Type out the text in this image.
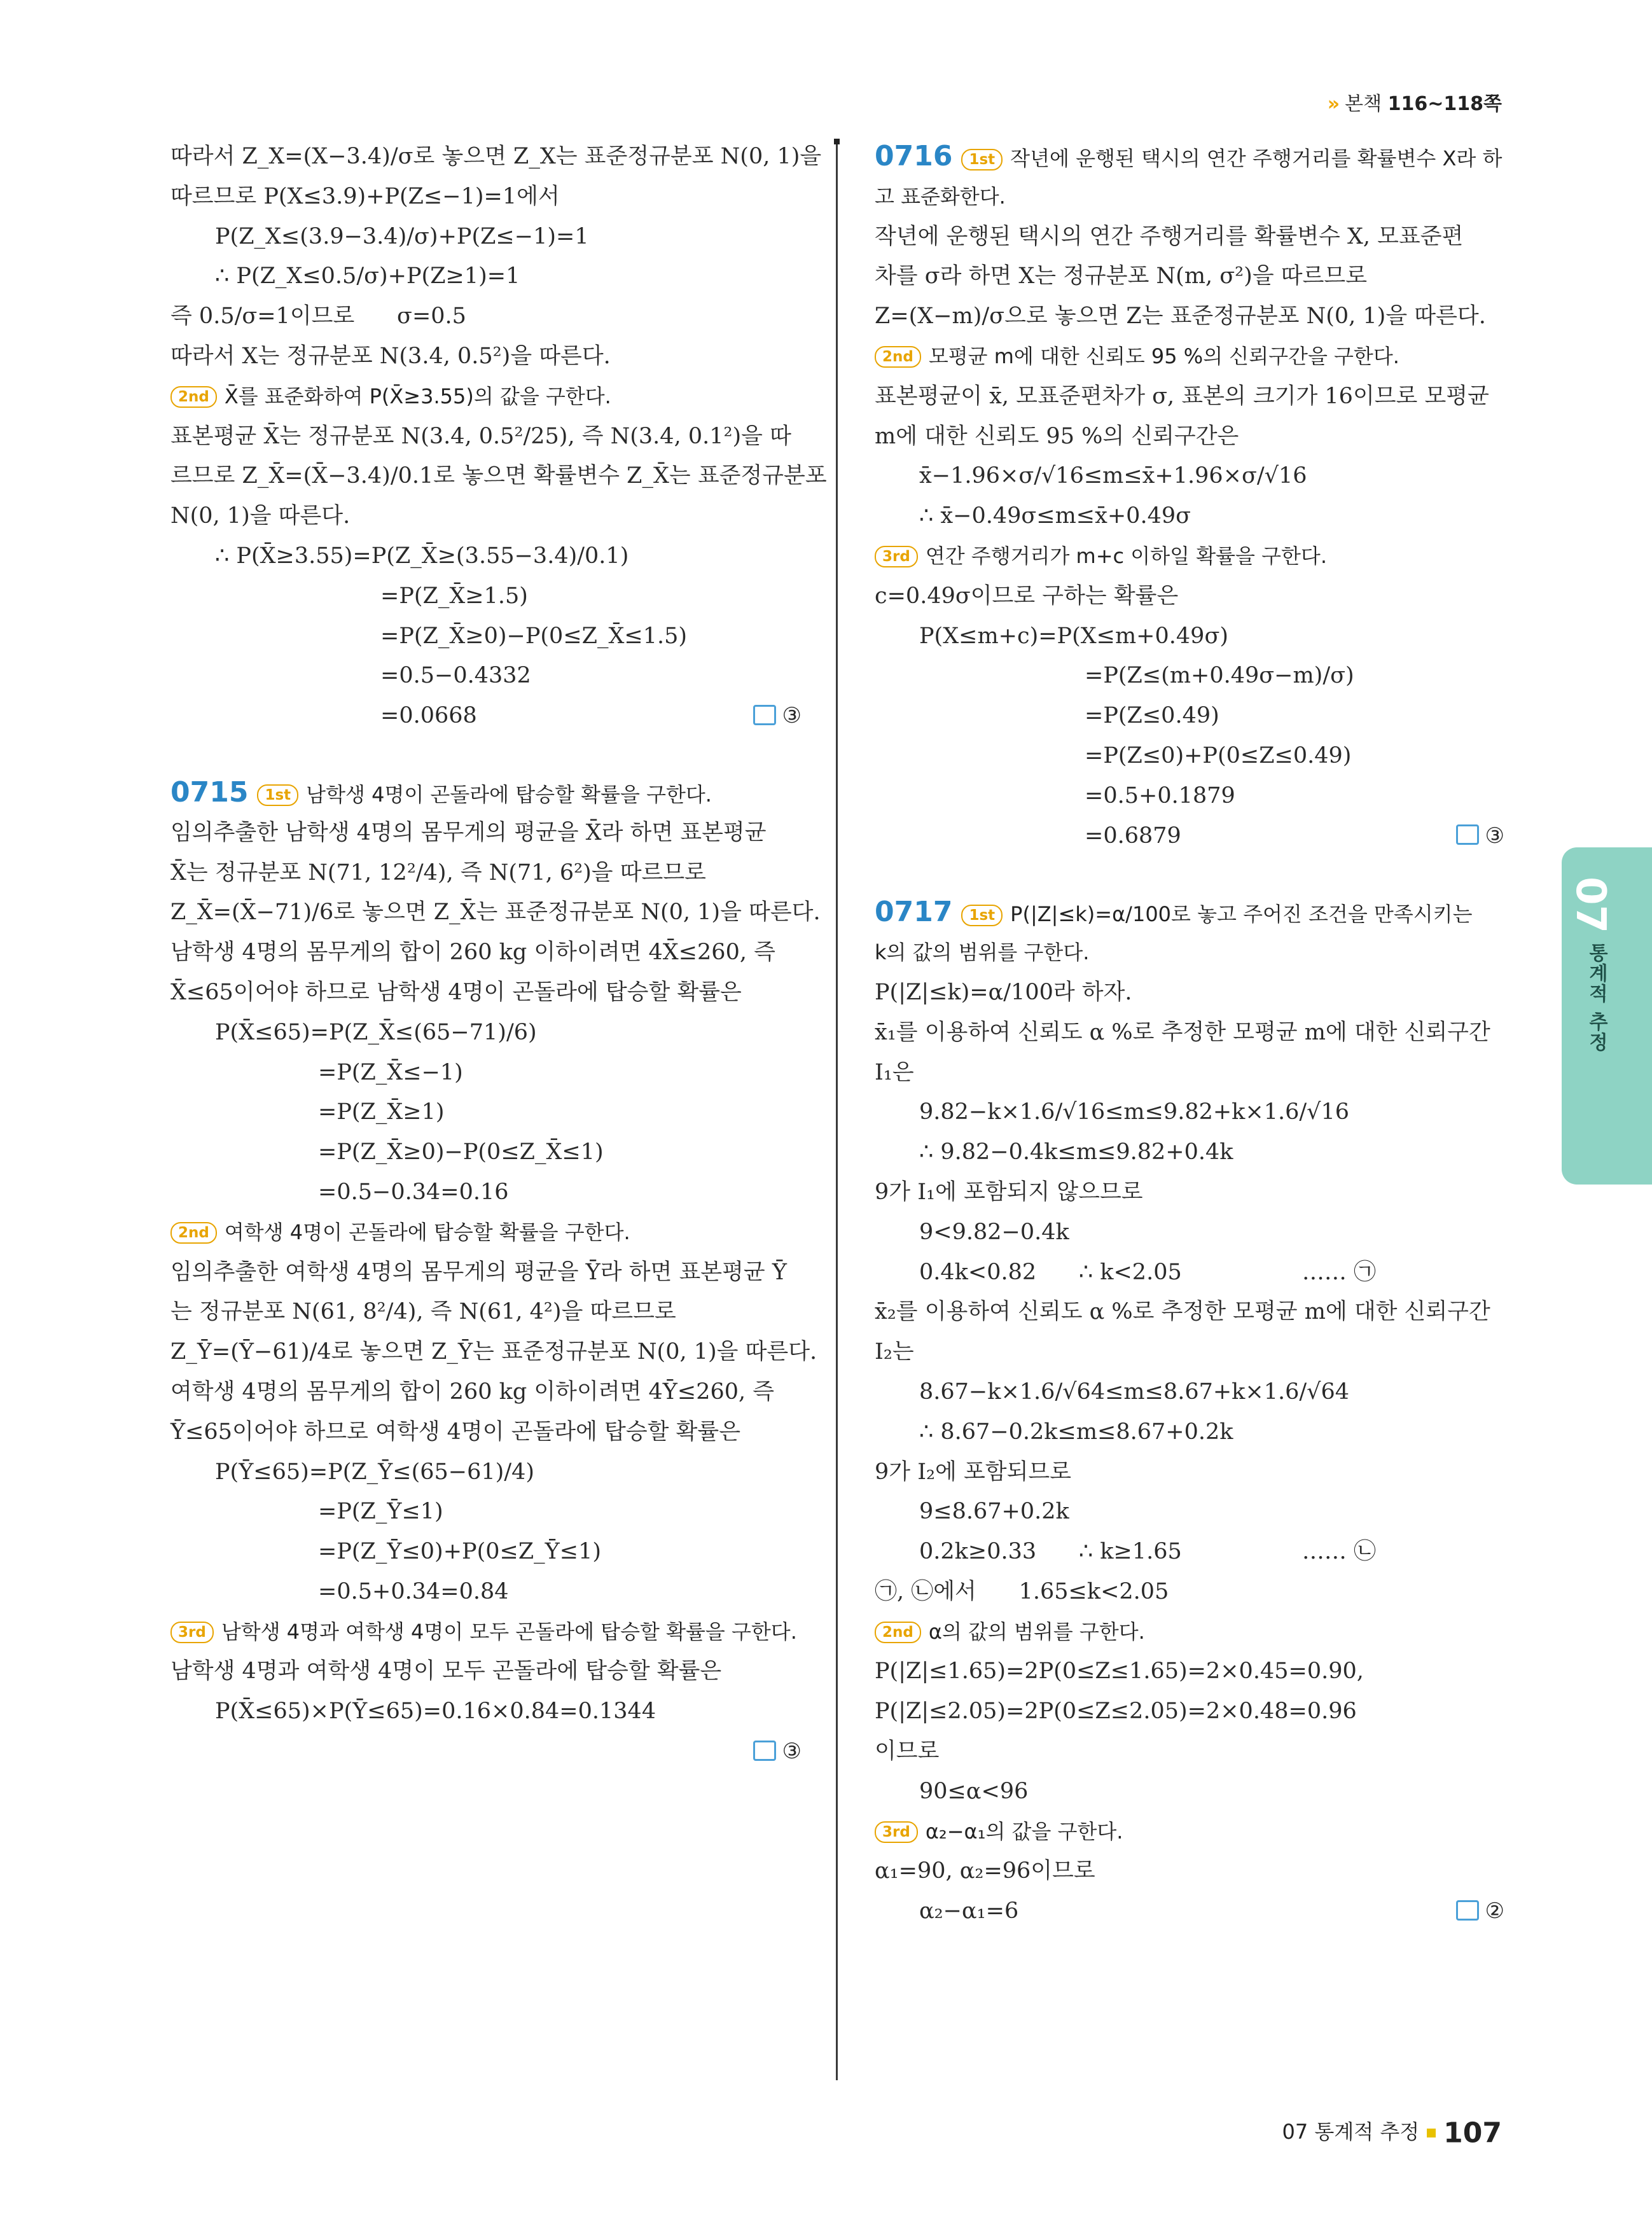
» 본책 116~118쪽
따라서 Z_X=(X−3.4)/σ로 놓으면 Z_X는 표준정규분포 N(0, 1)을
따르므로 P(X≤3.9)+P(Z≤−1)=1에서
P(Z_X≤(3.9−3.4)/σ)+P(Z≤−1)=1
∴ P(Z_X≤0.5/σ)+P(Z≥1)=1
즉 0.5/σ=1이므로      σ=0.5
따라서 X는 정규분포 N(3.4, 0.5²)을 따른다.
2nd X̄를 표준화하여 P(X̄≥3.55)의 값을 구한다.
표본평균 X̄는 정규분포 N(3.4, 0.5²/25), 즉 N(3.4, 0.1²)을 따
르므로 Z_X̄=(X̄−3.4)/0.1로 놓으면 확률변수 Z_X̄는 표준정규분포
N(0, 1)을 따른다.
∴ P(X̄≥3.55)=P(Z_X̄≥(3.55−3.4)/0.1)
=P(Z_X̄≥1.5)
=P(Z_X̄≥0)−P(0≤Z_X̄≤1.5)
=0.5−0.4332
③
=0.0668
0715 1st 남학생 4명이 곤돌라에 탑승할 확률을 구한다.
임의추출한 남학생 4명의 몸무게의 평균을 X̄라 하면 표본평균
X̄는 정규분포 N(71, 12²/4), 즉 N(71, 6²)을 따르므로
Z_X̄=(X̄−71)/6로 놓으면 Z_X̄는 표준정규분포 N(0, 1)을 따른다.
남학생 4명의 몸무게의 합이 260 kg 이하이려면 4X̄≤260, 즉
X̄≤65이어야 하므로 남학생 4명이 곤돌라에 탑승할 확률은
P(X̄≤65)=P(Z_X̄≤(65−71)/6)
=P(Z_X̄≤−1)
=P(Z_X̄≥1)
=P(Z_X̄≥0)−P(0≤Z_X̄≤1)
=0.5−0.34=0.16
2nd 여학생 4명이 곤돌라에 탑승할 확률을 구한다.
임의추출한 여학생 4명의 몸무게의 평균을 Ȳ라 하면 표본평균 Ȳ
는 정규분포 N(61, 8²/4), 즉 N(61, 4²)을 따르므로
Z_Ȳ=(Ȳ−61)/4로 놓으면 Z_Ȳ는 표준정규분포 N(0, 1)을 따른다.
여학생 4명의 몸무게의 합이 260 kg 이하이려면 4Ȳ≤260, 즉
Ȳ≤65이어야 하므로 여학생 4명이 곤돌라에 탑승할 확률은
P(Ȳ≤65)=P(Z_Ȳ≤(65−61)/4)
=P(Z_Ȳ≤1)
=P(Z_Ȳ≤0)+P(0≤Z_Ȳ≤1)
=0.5+0.34=0.84
3rd 남학생 4명과 여학생 4명이 모두 곤돌라에 탑승할 확률을 구한다.
남학생 4명과 여학생 4명이 모두 곤돌라에 탑승할 확률은
P(X̄≤65)×P(Ȳ≤65)=0.16×0.84=0.1344
③
0716 1st 작년에 운행된 택시의 연간 주행거리를 확률변수 X라 하
고 표준화한다.
작년에 운행된 택시의 연간 주행거리를 확률변수 X, 모표준편
차를 σ라 하면 X는 정규분포 N(m, σ²)을 따르므로
Z=(X−m)/σ으로 놓으면 Z는 표준정규분포 N(0, 1)을 따른다.
2nd 모평균 m에 대한 신뢰도 95 %의 신뢰구간을 구한다.
표본평균이 x̄, 모표준편차가 σ, 표본의 크기가 16이므로 모평균
m에 대한 신뢰도 95 %의 신뢰구간은
x̄−1.96×σ/√16≤m≤x̄+1.96×σ/√16
∴ x̄−0.49σ≤m≤x̄+0.49σ
3rd 연간 주행거리가 m+c 이하일 확률을 구한다.
c=0.49σ이므로 구하는 확률은
P(X≤m+c)=P(X≤m+0.49σ)
=P(Z≤(m+0.49σ−m)/σ)
=P(Z≤0.49)
=P(Z≤0)+P(0≤Z≤0.49)
=0.5+0.1879
③
=0.6879
0717 1st P(|Z|≤k)=α/100로 놓고 주어진 조건을 만족시키는
k의 값의 범위를 구한다.
P(|Z|≤k)=α/100라 하자.
x̄₁를 이용하여 신뢰도 α %로 추정한 모평균 m에 대한 신뢰구간
I₁은
9.82−k×1.6/√16≤m≤9.82+k×1.6/√16
∴ 9.82−0.4k≤m≤9.82+0.4k
9가 I₁에 포함되지 않으므로
9<9.82−0.4k
0.4k<0.82      ∴ k<2.05                 …… ㉠
x̄₂를 이용하여 신뢰도 α %로 추정한 모평균 m에 대한 신뢰구간
I₂는
8.67−k×1.6/√64≤m≤8.67+k×1.6/√64
∴ 8.67−0.2k≤m≤8.67+0.2k
9가 I₂에 포함되므로
9≤8.67+0.2k
0.2k≥0.33      ∴ k≥1.65                 …… ㉡
㉠, ㉡에서      1.65≤k<2.05
2nd α의 값의 범위를 구한다.
P(|Z|≤1.65)=2P(0≤Z≤1.65)=2×0.45=0.90,
P(|Z|≤2.05)=2P(0≤Z≤2.05)=2×0.48=0.96
이므로
90≤α<96
3rd α₂−α₁의 값을 구한다.
α₁=90, α₂=96이므로
②
α₂−α₁=6
07
통계적 추정
07 통계적 추정 107
